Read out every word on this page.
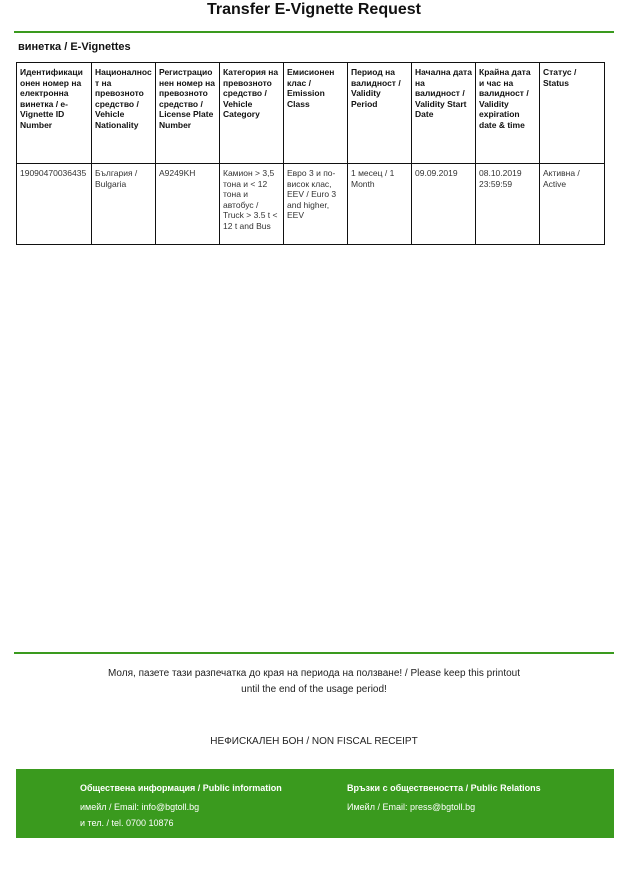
Transfer E-Vignette Request
винетка / E-Vignettes
Идентификационен номер на електронна винетка / e-Vignette ID Number	Националност на превозното средство / Vehicle Nationality	Регистрационен номер на превозното средство / License Plate Number	Категория на превозното средство / Vehicle Category	Емисионен клас / Emission Class	Период на валидност / Validity Period	Начална дата на валидност / Validity Start Date	Крайна дата и час на валидност / Validity expiration date & time	Статус / Status
19090470036435	България / Bulgaria	A9249KH	Камион > 3,5 тона и < 12 тона и автобус / Truck > 3.5 t < 12 t and Bus	Евро 3 и по-висок клас, EEV / Euro 3 and higher, EEV	1 месец / 1 Month	09.09.2019	08.10.2019 23:59:59	Активна / Active
Моля, пазете тази разпечатка до края на периода на ползване! / Please keep this printout until the end of the usage period!
НЕФИСКАЛЕН БОН / NON FISCAL RECEIPT
Обществена информация / Public information
имейл / Email: info@bgtoll.bg
и тел. / tel. 0700 10876
Връзки с обществеността / Public Relations
Имейл / Email: press@bgtoll.bg
